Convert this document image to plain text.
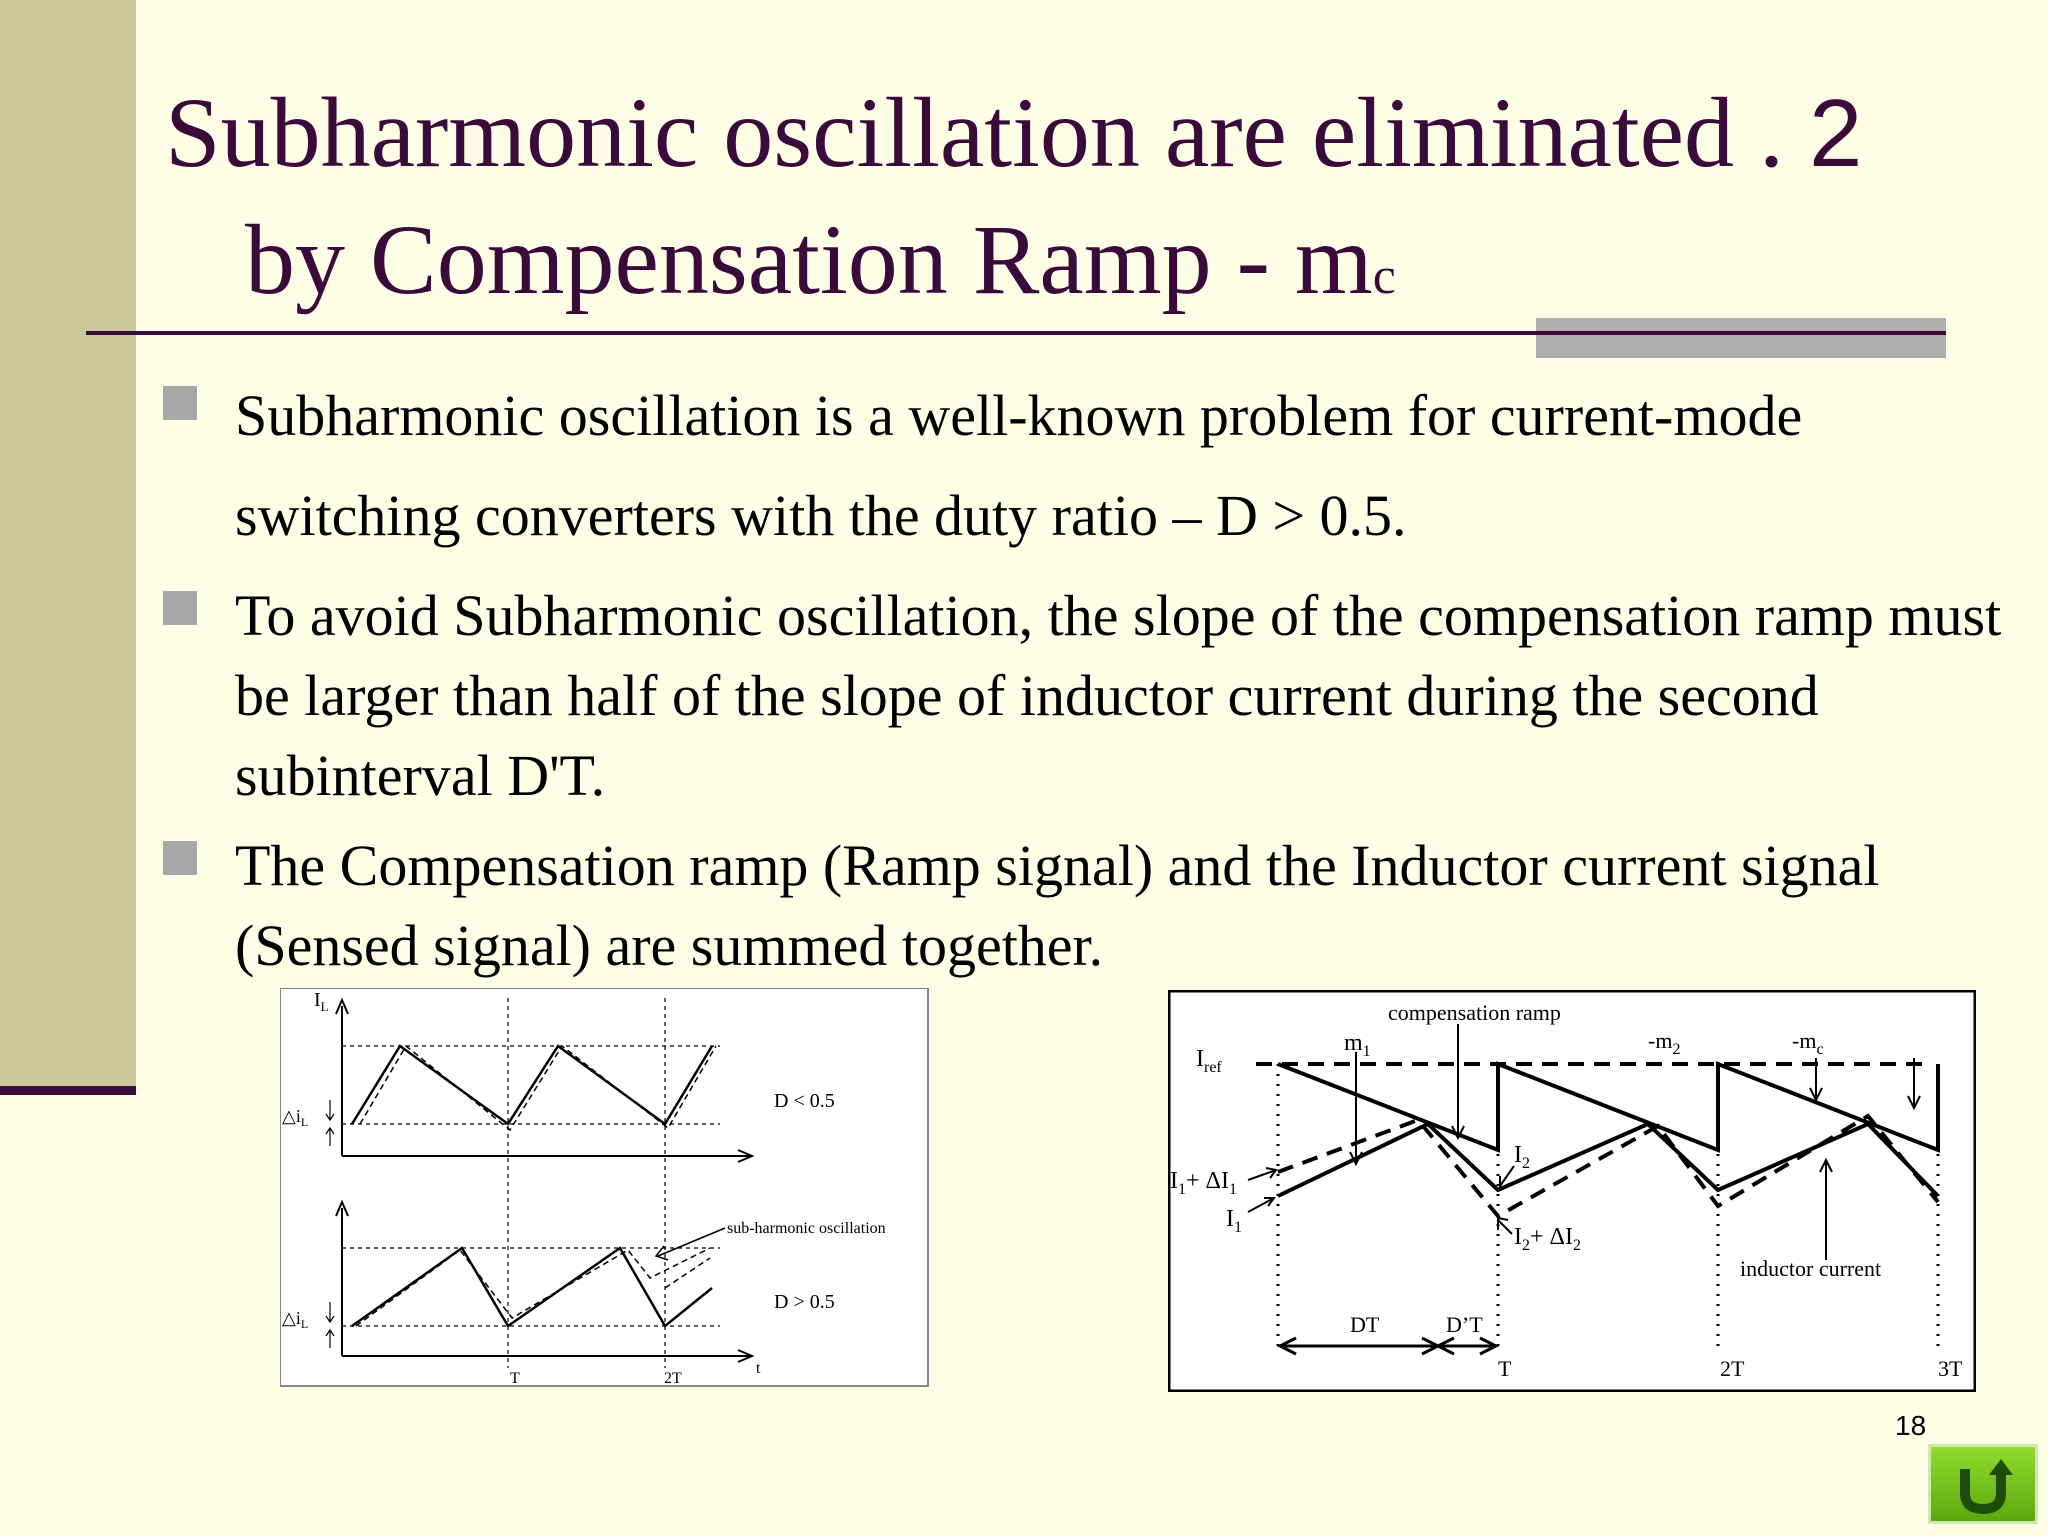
Subharmonic oscillation are eliminated . 2
by Compensation Ramp - mc
Subharmonic oscillation is a well-known problem for current-mode switching converters with the duty ratio – D > 0.5.
To avoid Subharmonic oscillation, the slope of the compensation ramp must be larger than half of the slope of inductor current during the second subinterval D'T.
The Compensation ramp (Ramp signal) and the Inductor current signal (Sensed signal) are summed together.
$I_L$
$\triangle i_L$
$\triangle i_L$
D < 0.5
D > 0.5
sub-harmonic oscillation
T	2T
t
compensation ramp
$I_{ref}$
$m_1$	$-m_2$	$-m_c$
$I_2$
$I_1+ \Delta I_1$
$I_1$	$I_2+ \Delta I_2$
inductor current
DT	D’T
T	2T	3T
18
